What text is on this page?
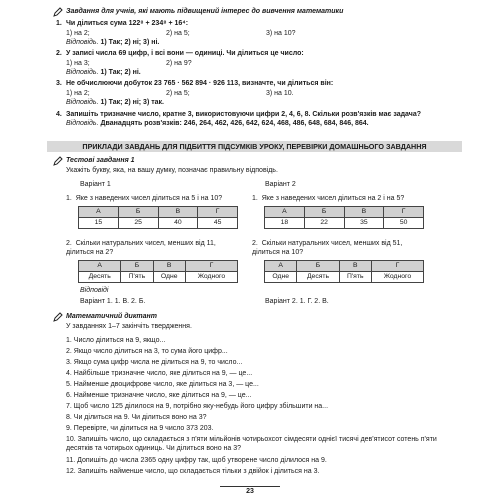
Завдання для учнів, які мають підвищений інтерес до вивчення математики
1. Чи ділиться сума 122⁸ + 234⁸ + 16⁴:
1) на 2;	2) на 5;	3) на 10?
Відповідь. 1) Так; 2) ні; 3) ні.
2. У записі числа 69 цифр, і всі вони — одиниці. Чи ділиться це число:
1) на 3;	2) на 9?
Відповідь. 1) Так; 2) ні.
3. Не обчислюючи добуток 23 765 · 562 894 · 926 113, визначте, чи ділиться він:
1) на 2;	2) на 5;	3) на 10.
Відповідь. 1) Так; 2) ні; 3) так.
4. Запишіть тризначне число, кратне 3, використовуючи цифри 2, 4, 6, 8. Скільки розв'язків має задача?
Відповідь. Дванадцять розв'язків: 246, 264, 462, 426, 642, 624, 468, 486, 648, 684, 846, 864.
ПРИКЛАДИ ЗАВДАНЬ ДЛЯ ПІДБИТТЯ ПІДСУМКІВ УРОКУ, ПЕРЕВІРКИ ДОМАШНЬОГО ЗАВДАННЯ
Тестові завдання 1
Укажіть букву, яка, на вашу думку, позначає правильну відповідь.
Варіант 1	Варіант 2
1. Яке з наведених чисел ділиться на 5 і на 10?	1. Яке з наведених чисел ділиться на 2 і на 5?
А	Б	В	Г
15	25	40	45
А	Б	В	Г
18	22	35	50
2. Скільки натуральних чисел, менших від 11, ділиться на 2?
2. Скільки натуральних чисел, менших від 51, ділиться на 10?
А	Б	В	Г
Десять	П'ять	Одне	Жодного
А	Б	В	Г
Одне	Десять	П'ять	Жодного
Відповіді
Варіант 1. 1. В. 2. Б.	Варіант 2. 1. Г. 2. В.
Математичний диктант
У завданнях 1–7 закінчіть твердження.
1. Число ділиться на 9, якщо...
2. Якщо число ділиться на 3, то сума його цифр...
3. Якщо сума цифр числа не ділиться на 9, то число...
4. Найбільше тризначне число, яке ділиться на 9, — це...
5. Найменше двоцифрове число, яке ділиться на 3, — це...
6. Найменше тризначне число, яке ділиться на 9, — це...
7. Щоб число 125 ділилося на 9, потрібно яку-небудь його цифру збільшити на...
8. Чи ділиться на 9. Чи ділиться воно на 3?
9. Перевірте, чи ділиться на 9 число 373 203.
10. Запишіть число, що складається з п'яти мільйонів чотирьохсот сімдесяти однієї тисячі дев'ятисот сотень п'яти десятків та чотирьох одиниць. Чи ділиться воно на 3?
11. Допишіть до числа 2365 одну цифру так, щоб утворене число ділилося на 9.
12. Запишіть найменше число, що складається тільки з двійок і ділиться на 3.
23
